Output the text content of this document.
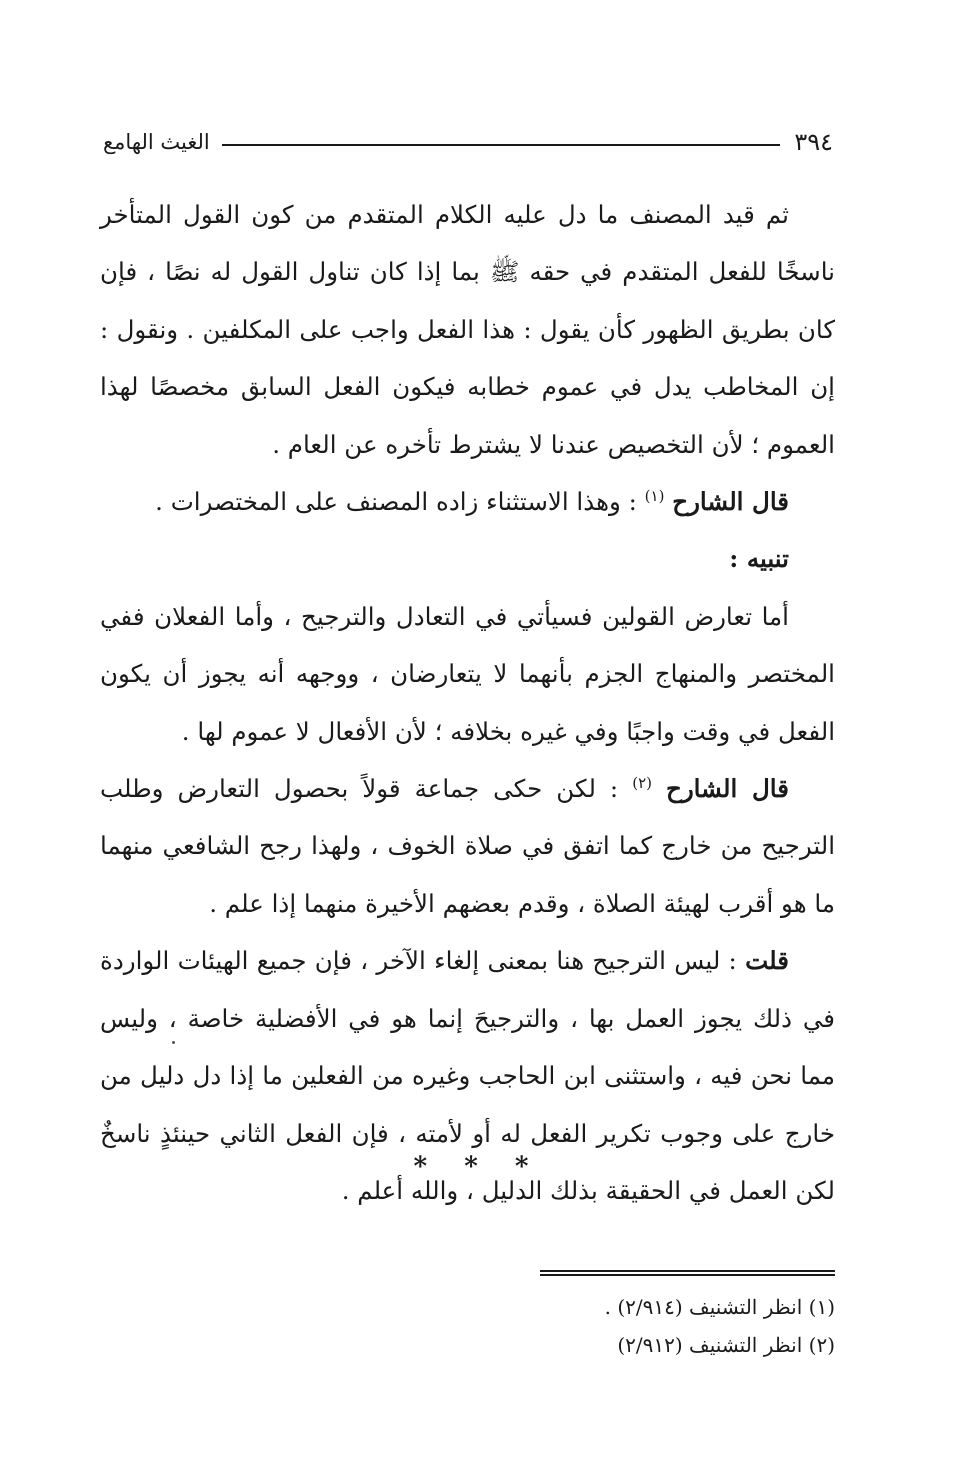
٣٩٤
الغيث الهامع

ثم قيد المصنف ما دل عليه الكلام المتقدم من كون القول المتأخر ناسخًا للفعل المتقدم في حقه ﷺ بما إذا كان تناول القول له نصًا ، فإن كان بطريق الظهور كأن يقول : هذا الفعل واجب على المكلفين . ونقول : إن المخاطب يدل في عموم خطابه فيكون الفعل السابق مخصصًا لهذا العموم ؛ لأن التخصيص عندنا لا يشترط تأخره عن العام .

قال الشارح $^{(١)}$ : وهذا الاستثناء زاده المصنف على المختصرات .

تنبيه :

أما تعارض القولين فسيأتي في التعادل والترجيح ، وأما الفعلان ففي المختصر والمنهاج الجزم بأنهما لا يتعارضان ، ووجهه أنه يجوز أن يكون الفعل في وقت واجبًا وفي غيره بخلافه ؛ لأن الأفعال لا عموم لها .

قال الشارح $^{(٢)}$ : لكن حكى جماعة قولاً بحصول التعارض وطلب الترجيح من خارج كما اتفق في صلاة الخوف ، ولهذا رجح الشافعي منهما ما هو أقرب لهيئة الصلاة ، وقدم بعضهم الأخيرة منهما إذا علم .

قلت : ليس الترجيح هنا بمعنى إلغاء الآخر ، فإن جميع الهيئات الواردة في ذلك يجوز العمل بها ، والترجيحَ إنما هو في الأفضلية خاصة ، وليس مما نحن فيه ، واستثنى ابن الحاجب وغيره من الفعلين ما إذا دل دليل من خارج على وجوب تكرير الفعل له أو لأمته ، فإن الفعل الثاني حينئذٍ ناسخٌ لكن العمل في الحقيقة بذلك الدليل ، والله أعلم .

* * *

(١) انظر التشنيف (٢/٩١٤) .

(٢) انظر التشنيف (٢/٩١٢)
